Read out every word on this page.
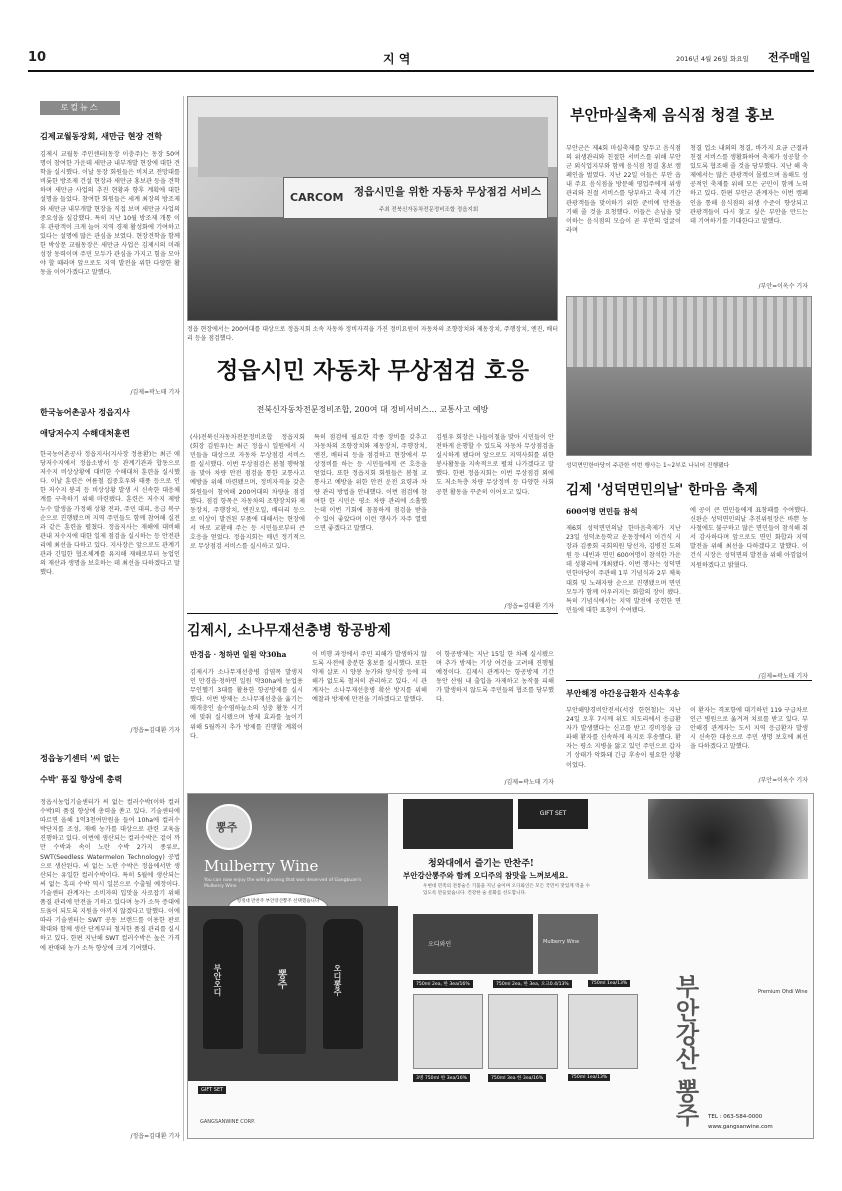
10	지 역	2016년 4월 26일 화요일 전주매일
로컬뉴스
김제교월동장회, 새만금 현장 견학
김제시 교월동 주민센터(동장 이충주)는 동장 50여명이 참여한 가운데 새만금 내부개발 현장에 대한 견학을 실시했다. 이날 동장 회원들은 비치코 전망대를 비롯한 방조제 건설 현장과 새만금 홍보관 등을 견학하며 새만금 사업의 추진 현황과 향후 계획에 대한 설명을 들었다. 참여한 회원들은 세계 최장의 방조제와 새만금 내부개발 현장을 직접 보며 새만금 사업의 중요성을 실감했다. 특히 지난 10월 방조제 개통 이후 관광객이 크게 늘어 지역 경제 활성화에 기여하고 있다는 설명에 많은 관심을 보였다. 현장견학을 함께한 박상문 교월동장은 새만금 사업은 김제시의 미래 성장 동력이며 주민 모두가 관심을 가지고 힘을 모아야 할 때라며 앞으로도 지역 발전을 위한 다양한 활동을 이어가겠다고 말했다.
/김제=곽노태 기자
한국농어촌공사 정읍지사
애당저수지 수해대처훈련
한국농어촌공사 정읍지사(지사장 정용환)는 최근 애당저수지에서 정읍소방서 등 관계기관과 합동으로 저수지 비상상황에 대비한 수해대처 훈련을 실시했다. 이날 훈련은 여름철 집중호우와 태풍 등으로 인한 저수지 붕괴 등 비상상황 발생 시 신속한 대응체계를 구축하기 위해 마련됐다. 훈련은 저수지 제방 누수 발생을 가정해 상황 전파, 주민 대피, 응급 복구 순으로 진행됐으며 지역 주민들도 함께 참여해 실전과 같은 훈련을 펼쳤다. 정읍지사는 재해에 대비해 관내 저수지에 대한 일제 점검을 실시하는 등 안전관리에 최선을 다하고 있다. 지사장은 앞으로도 관계기관과 긴밀한 협조체계를 유지해 재해로부터 농업인의 재산과 생명을 보호하는 데 최선을 다하겠다고 말했다.
/정읍=김대환 기자
정읍농기센터 '씨 없는
수박' 품질 향상에 총력
정읍시농업기술센터가 씨 없는 컬러수박(이하 컬러수박)의 품질 향상에 총력을 쏟고 있다. 기술센터에 따르면 올해 1억3천여만원을 들여 10ha에 컬러수박단지를 조성, 재배 농가를 대상으로 관련 교육을 진행하고 있다. 이번에 생산되는 컬러수박은 겉이 까만 수박과 속이 노란 수박 2가지 종류로, SWT(Seedless Watermelon Technology) 공법으로 생산된다. 씨 없는 노란 수박은 정읍에서만 생산되는 유일한 컬러수박이다. 특히 5월에 생산되는 씨 없는 흑피 수박 역시 일본으로 수출될 예정이다. 기술센터 관계자는 소비자의 입맛을 사로잡기 위해 품질 관리에 만전을 기하고 있다며 농가 소득 증대에 도움이 되도록 지원을 아끼지 않겠다고 말했다. 이에 따라 기술센터는 SWT 공동 브랜드를 이용한 판로 확대와 함께 생산 단계부터 철저한 품질 관리를 실시하고 있다. 한편 지난해 SWT 컬러수박은 높은 가격에 판매돼 농가 소득 향상에 크게 기여했다.
/정읍=김대환 기자
CARCOM 정읍시민을 위한 자동차 무상점검 서비스
주최 전북신자동차전문정비조합 정읍지회
정읍 현장에서는 200여대를 대상으로 정읍지회 소속 자동차 정비자격을 가진 정비요원이 자동차의 조향장치와 제동장치, 주행장치, 엔진, 배터리 등을 점검했다.
정읍시민 자동차 무상점검 호응
전북신자동차전문정비조합, 200여 대 정비서비스… 교통사고 예방
(사)전북신자동차전문정비조합 정읍지회(회장 김원우)는 최근 정읍시 일원에서 시민들을 대상으로 자동차 무상점검 서비스를 실시했다. 이번 무상점검은 봄철 행락철을 맞아 차량 안전 점검을 통한 교통사고 예방을 위해 마련됐으며, 정비자격을 갖춘 회원들이 참여해 200여대의 차량을 점검했다. 점검 항목은 자동차의 조향장치와 제동장치, 주행장치, 엔진오일, 배터리 등으로 이상이 발견된 부품에 대해서는 현장에서 바로 교환해 주는 등 시민들로부터 큰 호응을 얻었다. 정읍지회는 매년 정기적으로 무상점검 서비스를 실시하고 있다.
특히 점검에 필요한 각종 장비를 갖추고 자동차의 조향장치와 제동장치, 주행장치, 엔진, 배터리 등을 점검하고 현장에서 무상정비를 하는 등 시민들에게 큰 호응을 얻었다. 또한 정읍지회 회원들은 봄철 교통사고 예방을 위한 안전 운전 요령과 차량 관리 방법을 안내했다. 이번 점검에 참여한 한 시민은 평소 차량 관리에 소홀했는데 이번 기회에 꼼꼼하게 점검을 받을 수 있어 좋았다며 이런 행사가 자주 열렸으면 좋겠다고 말했다.
김원우 회장은 나들이철을 맞아 시민들이 안전하게 운행할 수 있도록 자동차 무상점검을 실시하게 됐다며 앞으로도 지역사회를 위한 봉사활동을 지속적으로 펼쳐 나가겠다고 말했다. 한편 정읍지회는 이번 무상점검 외에도 저소득층 차량 무상정비 등 다양한 사회공헌 활동을 꾸준히 이어오고 있다.
/정읍=김대환 기자
부안마실축제 음식점 청결 홍보
부안군은 제4회 마실축제를 앞두고 음식점의 위생관리와 친절한 서비스를 위해 부안군 외식업지부와 함께 음식점 청결 홍보 캠페인을 벌였다. 지난 22일 이들은 부안 읍내 주요 음식점을 방문해 영업주에게 위생 관리와 친절 서비스를 당부하고 축제 기간 관광객들을 맞이하기 위한 준비에 만전을 기해 줄 것을 요청했다. 이들은 손님을 맞이하는 음식점의 모습이 곧 부안의 얼굴이라며
청결 업소 내외의 청결, 바가지 요금 근절과 친절 서비스를 생활화하여 축제가 성공할 수 있도록 협조해 줄 것을 당부했다. 지난 해 축제에서는 많은 관광객이 몰렸으며 올해도 성공적인 축제를 위해 모든 군민이 함께 노력하고 있다. 한편 부안군 관계자는 이번 캠페인을 통해 음식점의 위생 수준이 향상되고 관광객들이 다시 찾고 싶은 부안을 만드는 데 기여하기를 기대한다고 말했다.
/부안=이옥수 기자
성덕면민한마당이 주관한 이번 행사는 1~2부로 나뉘어 진행됐다
김제 '성덕면민의날' 한마음 축제
600여명 면민들 참석
제6회 성덕면민의날 한마음축제가 지난 23일 성덕초등학교 운동장에서 이건식 시장과 김종회 국회의원 당선자, 김병진 도의원 등 내빈과 면민 600여명이 참석한 가운데 성황리에 개최됐다. 이번 행사는 성덕면민한마당이 주관해 1부 기념식과 2부 체육대회 및 노래자랑 순으로 진행됐으며 면민 모두가 함께 어우러지는 화합의 장이 됐다. 특히 기념식에서는 지역 발전에 공헌한 면민들에 대한 표창이 수여됐다.
에 공이 큰 면민들에게 표창패를 수여했다. 신완순 성덕면민의날 추진위원장은 바쁜 농사철에도 불구하고 많은 면민들이 참석해 줘서 감사하다며 앞으로도 면민 화합과 지역 발전을 위해 최선을 다하겠다고 말했다. 이건식 시장은 성덕면의 발전을 위해 아낌없이 지원하겠다고 밝혔다.
/김제=곽노태 기자
김제시, 소나무재선충병 항공방제
만경읍 · 청하면 일원 약30ha
김제시가 소나무재선충병 감염목 발생지인 만경읍·청하면 일원 약30ha에 농업용 무인헬기 3대를 활용한 항공방제를 실시했다. 이번 방제는 소나무재선충을 옮기는 매개충인 솔수염하늘소의 성충 활동 시기에 맞춰 실시됐으며 방제 효과를 높이기 위해 5월까지 추가 방제를 진행할 계획이다.
이 비행 과정에서 주민 피해가 발생하지 않도록 사전에 충분한 홍보를 실시했다. 또한 약제 살포 시 양봉 농가와 양식장 등에 피해가 없도록 철저히 관리하고 있다. 시 관계자는 소나무재선충병 확산 방지를 위해 예찰과 방제에 만전을 기하겠다고 말했다.
이 항공방제는 지난 15일 한 차례 실시됐으며 추가 방제는 기상 여건을 고려해 진행될 예정이다. 김제시 관계자는 항공방제 기간 동안 산림 내 출입을 자제하고 농작물 피해가 발생하지 않도록 주민들의 협조를 당부했다.
/김제=곽노태 기자
부안해경 야간응급환자 신속후송
부안해양경비안전서(서장 한현철)는 지난 24일 오후 7시께 위도 치도리에서 응급환자가 발생했다는 신고를 받고 경비정을 급파해 환자를 신속하게 육지로 후송했다. 환자는 평소 지병을 앓고 있던 주민으로 갑자기 상태가 악화돼 긴급 후송이 필요한 상황이었다.
이 환자는 격포항에 대기하던 119 구급차로 인근 병원으로 옮겨져 치료를 받고 있다. 부안해경 관계자는 도서 지역 응급환자 발생 시 신속한 대응으로 주민 생명 보호에 최선을 다하겠다고 말했다.
/부안=이옥수 기자
뽕주
Mulberry Wine
You can now enjoy the wild ginseng that was deserved of Gangbuan's Mulberry Wine
청정대 만찬주 부안강산뽕주 선택했습니다
GIFT SET
청와대에서 즐기는 만찬주!
부안강산뽕주와 함께 오디주의 참맛을 느껴보세요.
우현대 민족의 전통술은 기품을 지닌 술이며 오디와인은 모든 국민이 맛있게 먹을 수 있도록 만들었습니다. 건강한 술 문화를 선도합니다.
부안강산 뽕주	Premium Ohdi Wine
부안오디	뽕주	오디뽕주
오디와인	Mulberry Wine
750ml 2ea, 한 3ea/16%	750ml 2ea, 한 3ea, 오크0.4/13%	750ml 1ea/13%
GIFT SET
3병 750ml 한 3ea/16%	750ml 3ea 한 3ea/16%	750ml 1ea/13%
GANGSANWINE CORP.
TEL : 063-584-0000
www.gangsanwine.com
